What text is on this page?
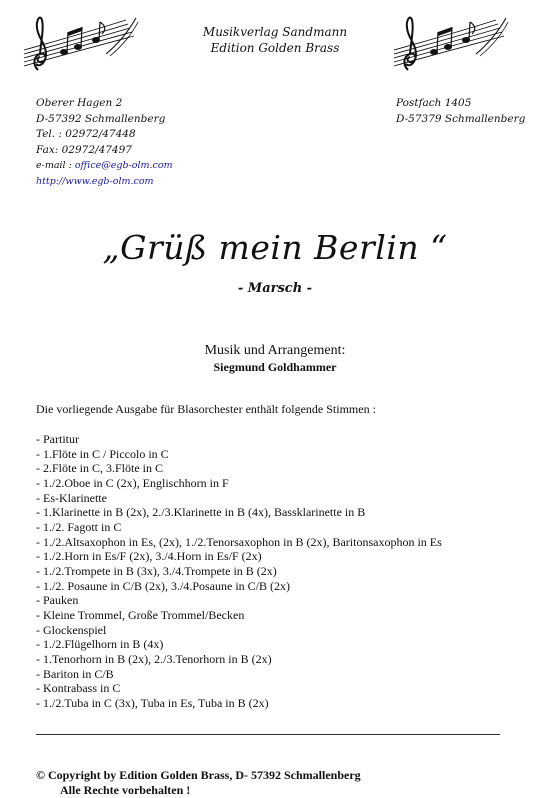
Musikverlag Sandmann
Edition Golden Brass
Oberer Hagen 2
D-57392 Schmallenberg
Tel. : 02972/47448
Fax: 02972/47497
e-mail : office@egb-olm.com
http://www.egb-olm.com
Postfach 1405
D-57379 Schmallenberg
„Grüß mein Berlin “
- Marsch -
Musik und Arrangement:
Siegmund Goldhammer
Die vorliegende Ausgabe für Blasorchester enthält folgende Stimmen :
- Partitur
- 1.Flöte in C / Piccolo in C
- 2.Flöte in C, 3.Flöte in C
- 1./2.Oboe in C (2x), Englischhorn in F
- Es-Klarinette
- 1.Klarinette in B (2x), 2./3.Klarinette in B (4x), Bassklarinette in B
- 1./2. Fagott in C
- 1./2.Altsaxophon in Es, (2x), 1./2.Tenorsaxophon in B (2x), Baritonsaxophon in Es
- 1./2.Horn in Es/F (2x), 3./4.Horn in Es/F (2x)
- 1./2.Trompete in B (3x), 3./4.Trompete in B (2x)
- 1./2. Posaune in C/B (2x), 3./4.Posaune in C/B (2x)
- Pauken
- Kleine Trommel, Große Trommel/Becken
- Glockenspiel
- 1./2.Flügelhorn in B (4x)
- 1.Tenorhorn in B (2x), 2./3.Tenorhorn in B (2x)
- Bariton in C/B
- Kontrabass in C
- 1./2.Tuba in C (3x), Tuba in Es, Tuba in B (2x)
© Copyright by Edition Golden Brass, D- 57392 Schmallenberg
Alle Rechte vorbehalten !
